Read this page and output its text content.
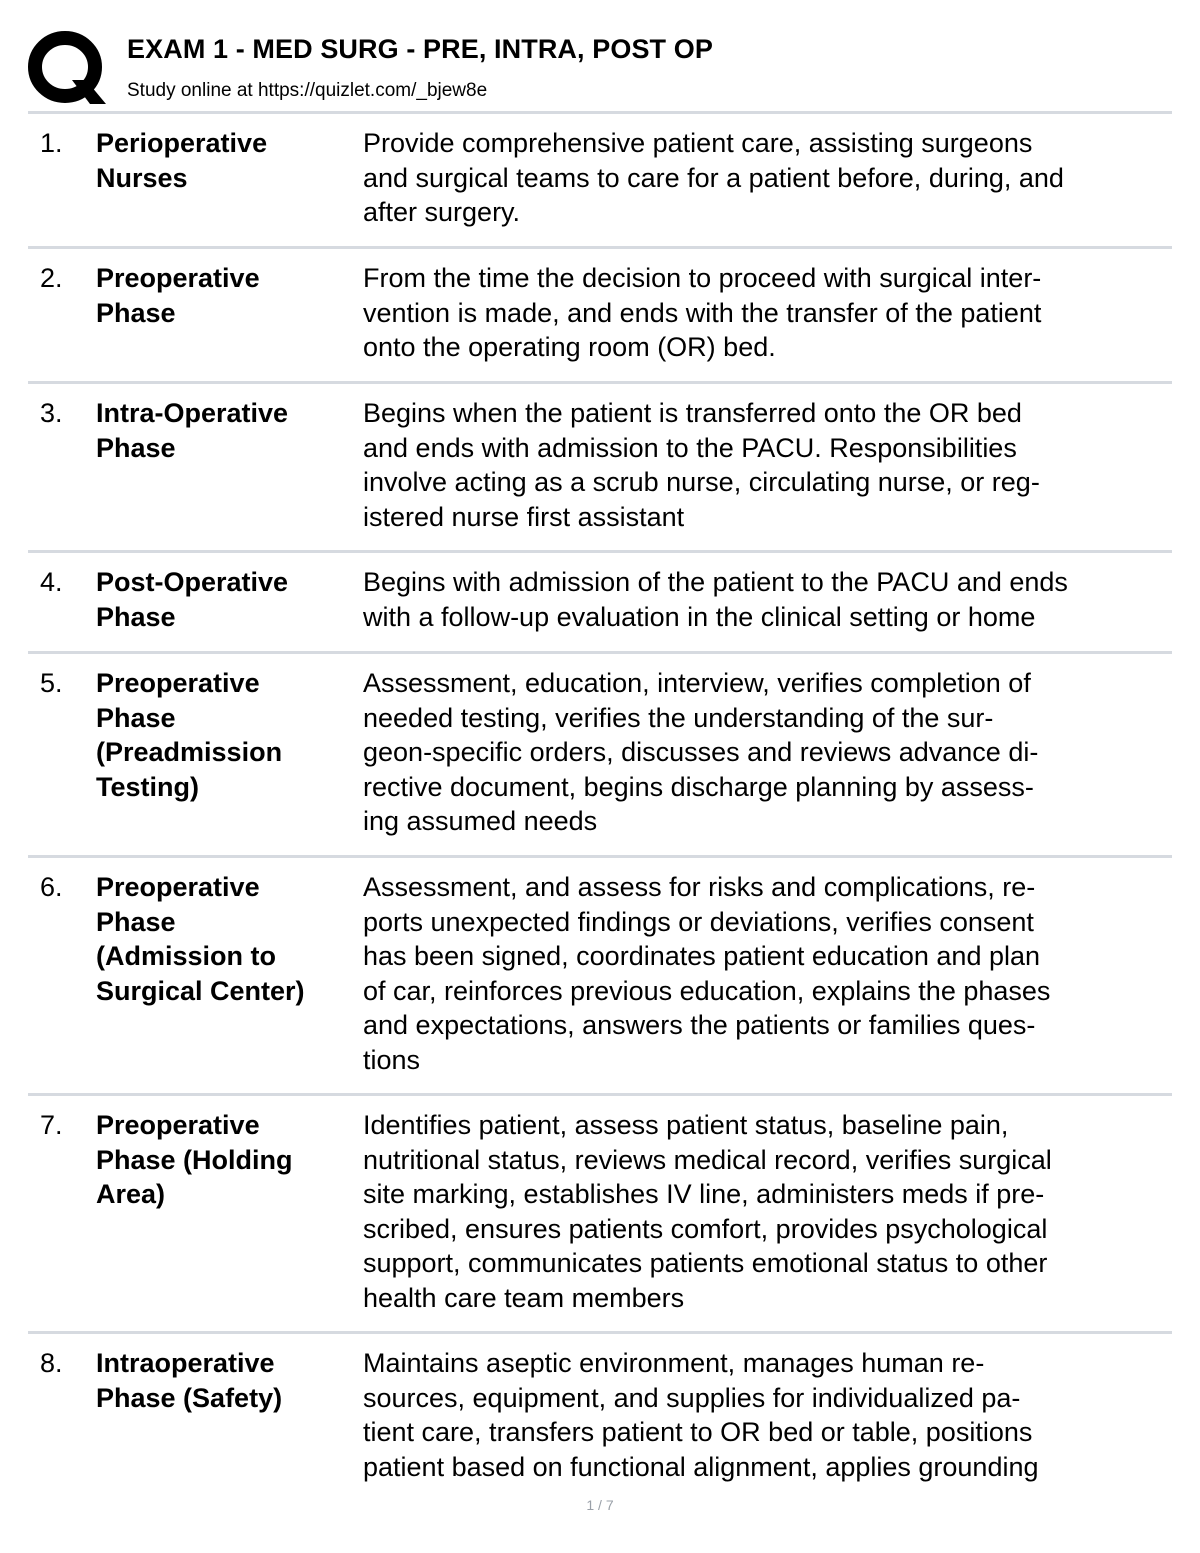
EXAM 1 - MED SURG - PRE, INTRA, POST OP
Study online at https://quizlet.com/_bjew8e
1. Perioperative
Nurses
Provide comprehensive patient care, assisting surgeons
and surgical teams to care for a patient before, during, and
after surgery.
2. Preoperative
Phase
From the time the decision to proceed with surgical inter-
vention is made, and ends with the transfer of the patient
onto the operating room (OR) bed.
3. Intra-Operative
Phase
Begins when the patient is transferred onto the OR bed
and ends with admission to the PACU. Responsibilities
involve acting as a scrub nurse, circulating nurse, or reg-
istered nurse first assistant
4. Post-Operative
Phase
Begins with admission of the patient to the PACU and ends
with a follow-up evaluation in the clinical setting or home
5. Preoperative
Phase
(Preadmission
Testing)
Assessment, education, interview, verifies completion of
needed testing, verifies the understanding of the sur-
geon-specific orders, discusses and reviews advance di-
rective document, begins discharge planning by assess-
ing assumed needs
6. Preoperative
Phase
(Admission to
Surgical Center)
Assessment, and assess for risks and complications, re-
ports unexpected findings or deviations, verifies consent
has been signed, coordinates patient education and plan
of car, reinforces previous education, explains the phases
and expectations, answers the patients or families ques-
tions
7. Preoperative
Phase (Holding
Area)
Identifies patient, assess patient status, baseline pain,
nutritional status, reviews medical record, verifies surgical
site marking, establishes IV line, administers meds if pre-
scribed, ensures patients comfort, provides psychological
support, communicates patients emotional status to other
health care team members
8. Intraoperative
Phase (Safety)
Maintains aseptic environment, manages human re-
sources, equipment, and supplies for individualized pa-
tient care, transfers patient to OR bed or table, positions
patient based on functional alignment, applies grounding
1 / 7
